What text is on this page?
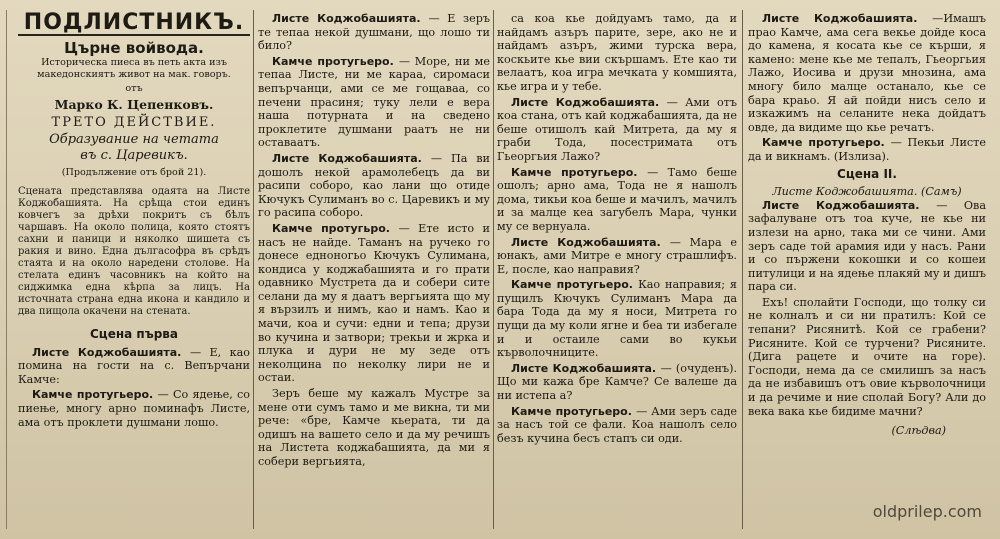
ПОДЛИСТНИКЪ.
Църне войвода.
Историческа пиеса въ петь акта изъ македонскиятъ живот на мак. говоръ.
отъ
Марко К. Цепенковъ.
ТРЕТО ДЕЙСТВИЕ.
Образувание на четата
въ с. Царевикъ.
(Продължение отъ брой 21).
Сцената представлява одаята на Листе Коджобашията. На срѣща стои единъ ковчегъ за дрѣхи покритъ съ бѣлъ чаршавъ. На около полица, която стоятъ сахни и паници и няколко шишета съ ракия и вино. Една дългасофра въ срѣдъ стаята и на около наредени столове. На стелата единъ часовникъ на който на сиджимка една кѣрпа за лицъ. На источната страна една икона и кандило и два пищола окачени на стената.
Сцена първа

Листе Коджобашията. — Е, као помина на гости на с. Вепърчани Камче:

Камче протугьеро. — Со ядење, со пиење, многу арно поминафъ Листе, ама отъ проклети душмани лошо.

Листе Коджобашията. — Е зеръ те тепаа некой душмани, що лошо ти било?

Камче протугьеро. — Море, ни ме тепаа Листе, ни ме караа, сиромаси вепърчанци, ами се ме гощаваа, со печени прасиня; туку лели е вера наша потурната и на сведено проклетите душмани раатъ не ни оставаатъ.

Листе Коджобашията. — Па ви дошолъ некой арамолебецъ да ви расипи соборо, као лани що отиде Кючукъ Сулиманъ во с. Царевикъ и му го расипа соборо.

Камче протугьро. — Ете исто и насъ не найде. Таманъ на ручеко го донесе едноногьо Кючукъ Сулимана, кондиса у коджабашията и го прати одавнико Мустрета да и собери сите селани да му я даатъ вергьията що му я вързилъ и нимъ, као и намъ. Као и мачи, коа и сучи: едни и тепа; друзи во кучина и затвори; трекьи и жрка и плука и дури не му зеде отъ неколцина по неколку лири не и остаи.

Зеръ беше му кажалъ Мустре за мене оти сумъ тамо и ме викна, ти ми рече: «бре, Камче кьерата, ти да одишъ на вашето село и да му речишъ на Листета коджабашията, да ми я собери вергьията,

са коа кье дойдуамъ тамо, да и найдамъ азъръ парите, зере, ако не и найдамъ азъръ, жими турска вера, коскьите кье вии скършамъ. Ете као ти велаатъ, коа игра мечката у комшията, кье игра и у тебе.

Листе Коджобашията. — Ами отъ коа стана, отъ кай коджабашията, да не беше отишолъ кай Митрета, да му я граби Тода, посестримата отъ Гьеоргьия Лажо?

Камче протугьеро. — Тамо беше ошолъ; арно ама, Тода не я нашолъ дома, тикьи коа беше и мачилъ, мачилъ и за малце кеа загубелъ Мара, чунки му се вернуала.

Листе Коджобашията. — Мара е юнакъ, ами Митре е многу страшлифъ. Е, после, као направия?

Камче протугьеро. Као направия; я пущилъ Кючукъ Сулиманъ Мара да бара Тода да му я носи, Митрета го пущи да му коли ягне и беа ти избегале и и остаиле сами во кукьи кърволочниците.

Листе Коджобашията. — (очуденъ). Що ми кажа бре Камче? Се валеше да ни истепа а?

Камче протугьеро. — Ами зеръ саде за насъ той се фали. Коа нашолъ село безъ кучина бесъ стапъ си оди.

Листе Коджобашията. —Имашъ прао Камче, ама сега векье дойде коса до камена, я косата кье се кърши, я камено: мене кье ме тепалъ, Гьеоргьия Лажо, Иосива и друзи мнозина, ама многу било малце останало, кье се бара краьо. Я ай пойди нисъ село и изкажимъ на селаните нека дойдатъ овде, да видиме що кье речатъ.

Камче протугьеро. — Пекьи Листе да и викнамъ. (Излиза).

Сцена II.
Листе Коджобашията. (Самъ)

Листе Коджобашията. — Ова зафалуване отъ тоа куче, не кье ни излези на арно, така ми се чини. Ами зеръ саде той арамия иди у насъ. Рани и со пържени кокошки и со кошеи питулици и на ядење плакяй му и дишъ пара си.

Ехъ! сполайти Господи, що толку си не колналъ и си ни пратилъ: Кой се тепани? Рисянитѣ. Кой се грабени? Рисяните. Кой се турчени? Рисяните. (Дига рацете и очите на горе). Господи, нема да се смилишъ за насъ да не избавишъ отъ овие кърволочници и да речиме и ние сполай Богу? Али до века вака кье бидиме мачни?

(Слѣдва)
oldprilep.com
